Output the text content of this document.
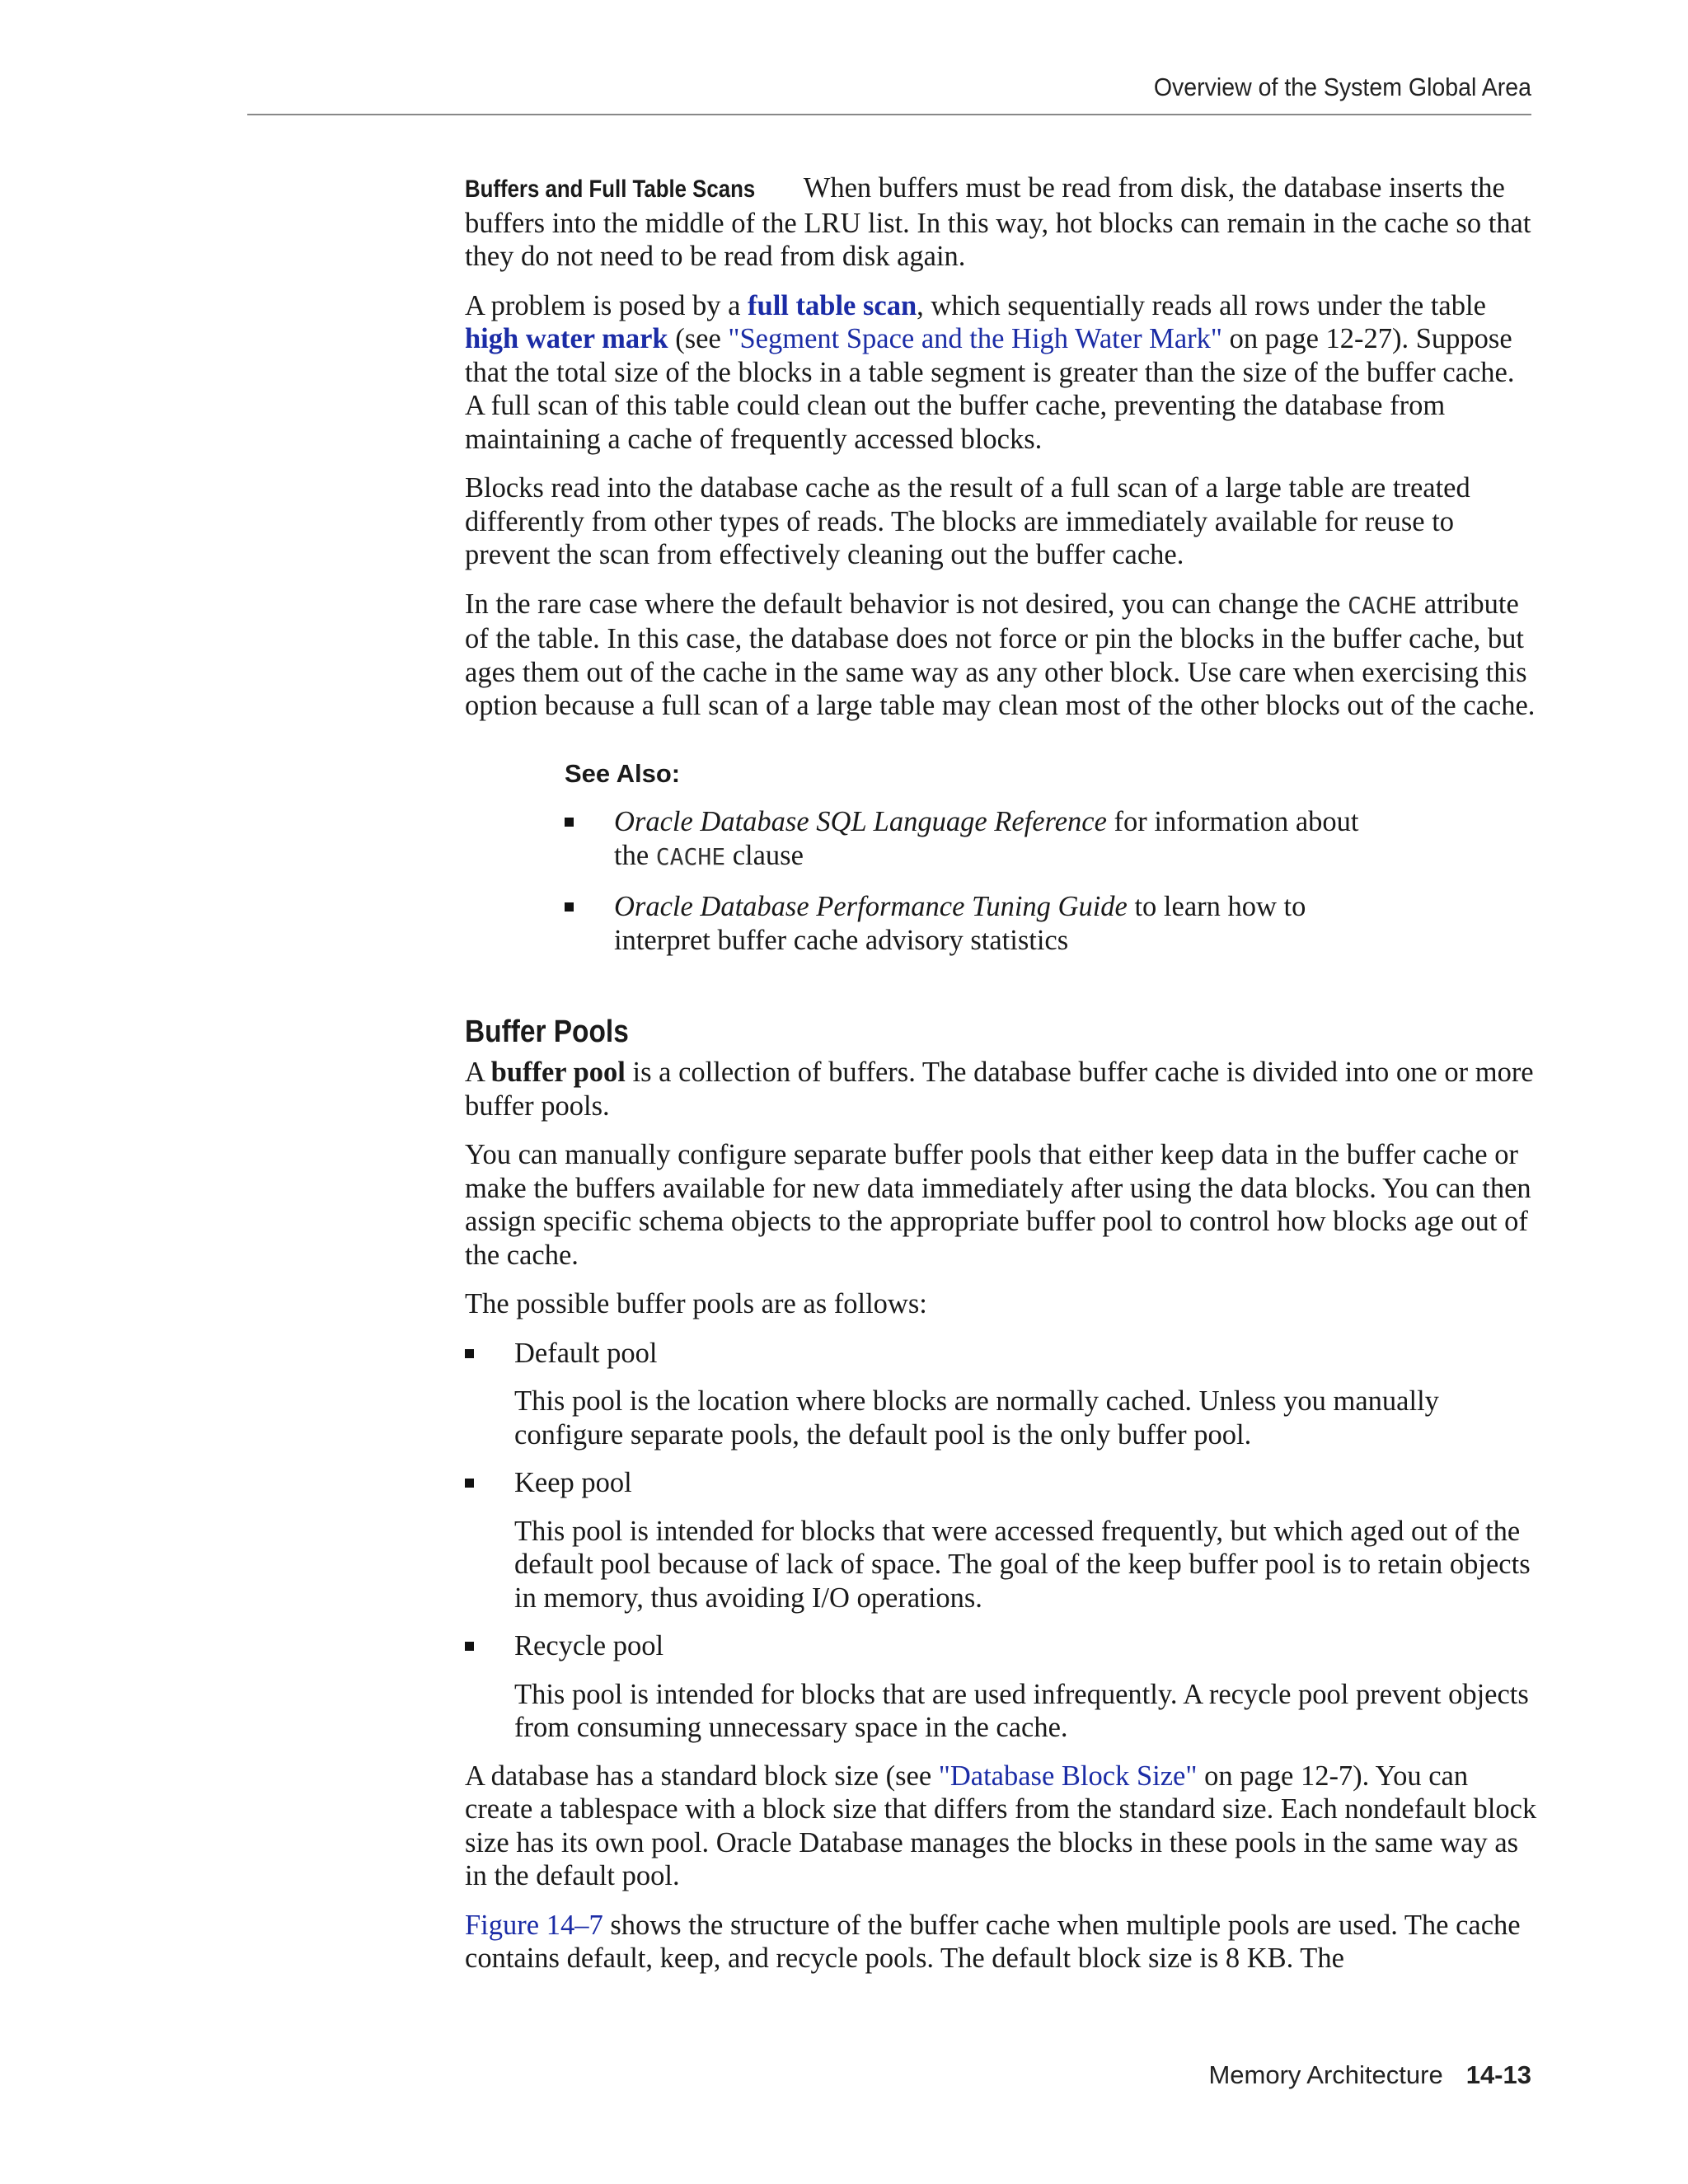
Overview of the System Global Area

Buffers and Full Table Scans When buffers must be read from disk, the database inserts the buffers into the middle of the LRU list. In this way, hot blocks can remain in the cache so that they do not need to be read from disk again.

A problem is posed by a full table scan, which sequentially reads all rows under the table high water mark (see "Segment Space and the High Water Mark" on page 12-27). Suppose that the total size of the blocks in a table segment is greater than the size of the buffer cache. A full scan of this table could clean out the buffer cache, preventing the database from maintaining a cache of frequently accessed blocks.

Blocks read into the database cache as the result of a full scan of a large table are treated differently from other types of reads. The blocks are immediately available for reuse to prevent the scan from effectively cleaning out the buffer cache.

In the rare case where the default behavior is not desired, you can change the CACHE attribute of the table. In this case, the database does not force or pin the blocks in the buffer cache, but ages them out of the cache in the same way as any other block. Use care when exercising this option because a full scan of a large table may clean most of the other blocks out of the cache.

See Also:
Oracle Database SQL Language Reference for information about the CACHE clause
Oracle Database Performance Tuning Guide to learn how to interpret buffer cache advisory statistics
Buffer Pools

A buffer pool is a collection of buffers. The database buffer cache is divided into one or more buffer pools.

You can manually configure separate buffer pools that either keep data in the buffer cache or make the buffers available for new data immediately after using the data blocks. You can then assign specific schema objects to the appropriate buffer pool to control how blocks age out of the cache.

The possible buffer pools are as follows:

Default pool
This pool is the location where blocks are normally cached. Unless you manually configure separate pools, the default pool is the only buffer pool.
Keep pool
This pool is intended for blocks that were accessed frequently, but which aged out of the default pool because of lack of space. The goal of the keep buffer pool is to retain objects in memory, thus avoiding I/O operations.
Recycle pool
This pool is intended for blocks that are used infrequently. A recycle pool prevent objects from consuming unnecessary space in the cache.

A database has a standard block size (see "Database Block Size" on page 12-7). You can create a tablespace with a block size that differs from the standard size. Each nondefault block size has its own pool. Oracle Database manages the blocks in these pools in the same way as in the default pool.

Figure 14–7 shows the structure of the buffer cache when multiple pools are used. The cache contains default, keep, and recycle pools. The default block size is 8 KB. The

Memory Architecture 14-13
